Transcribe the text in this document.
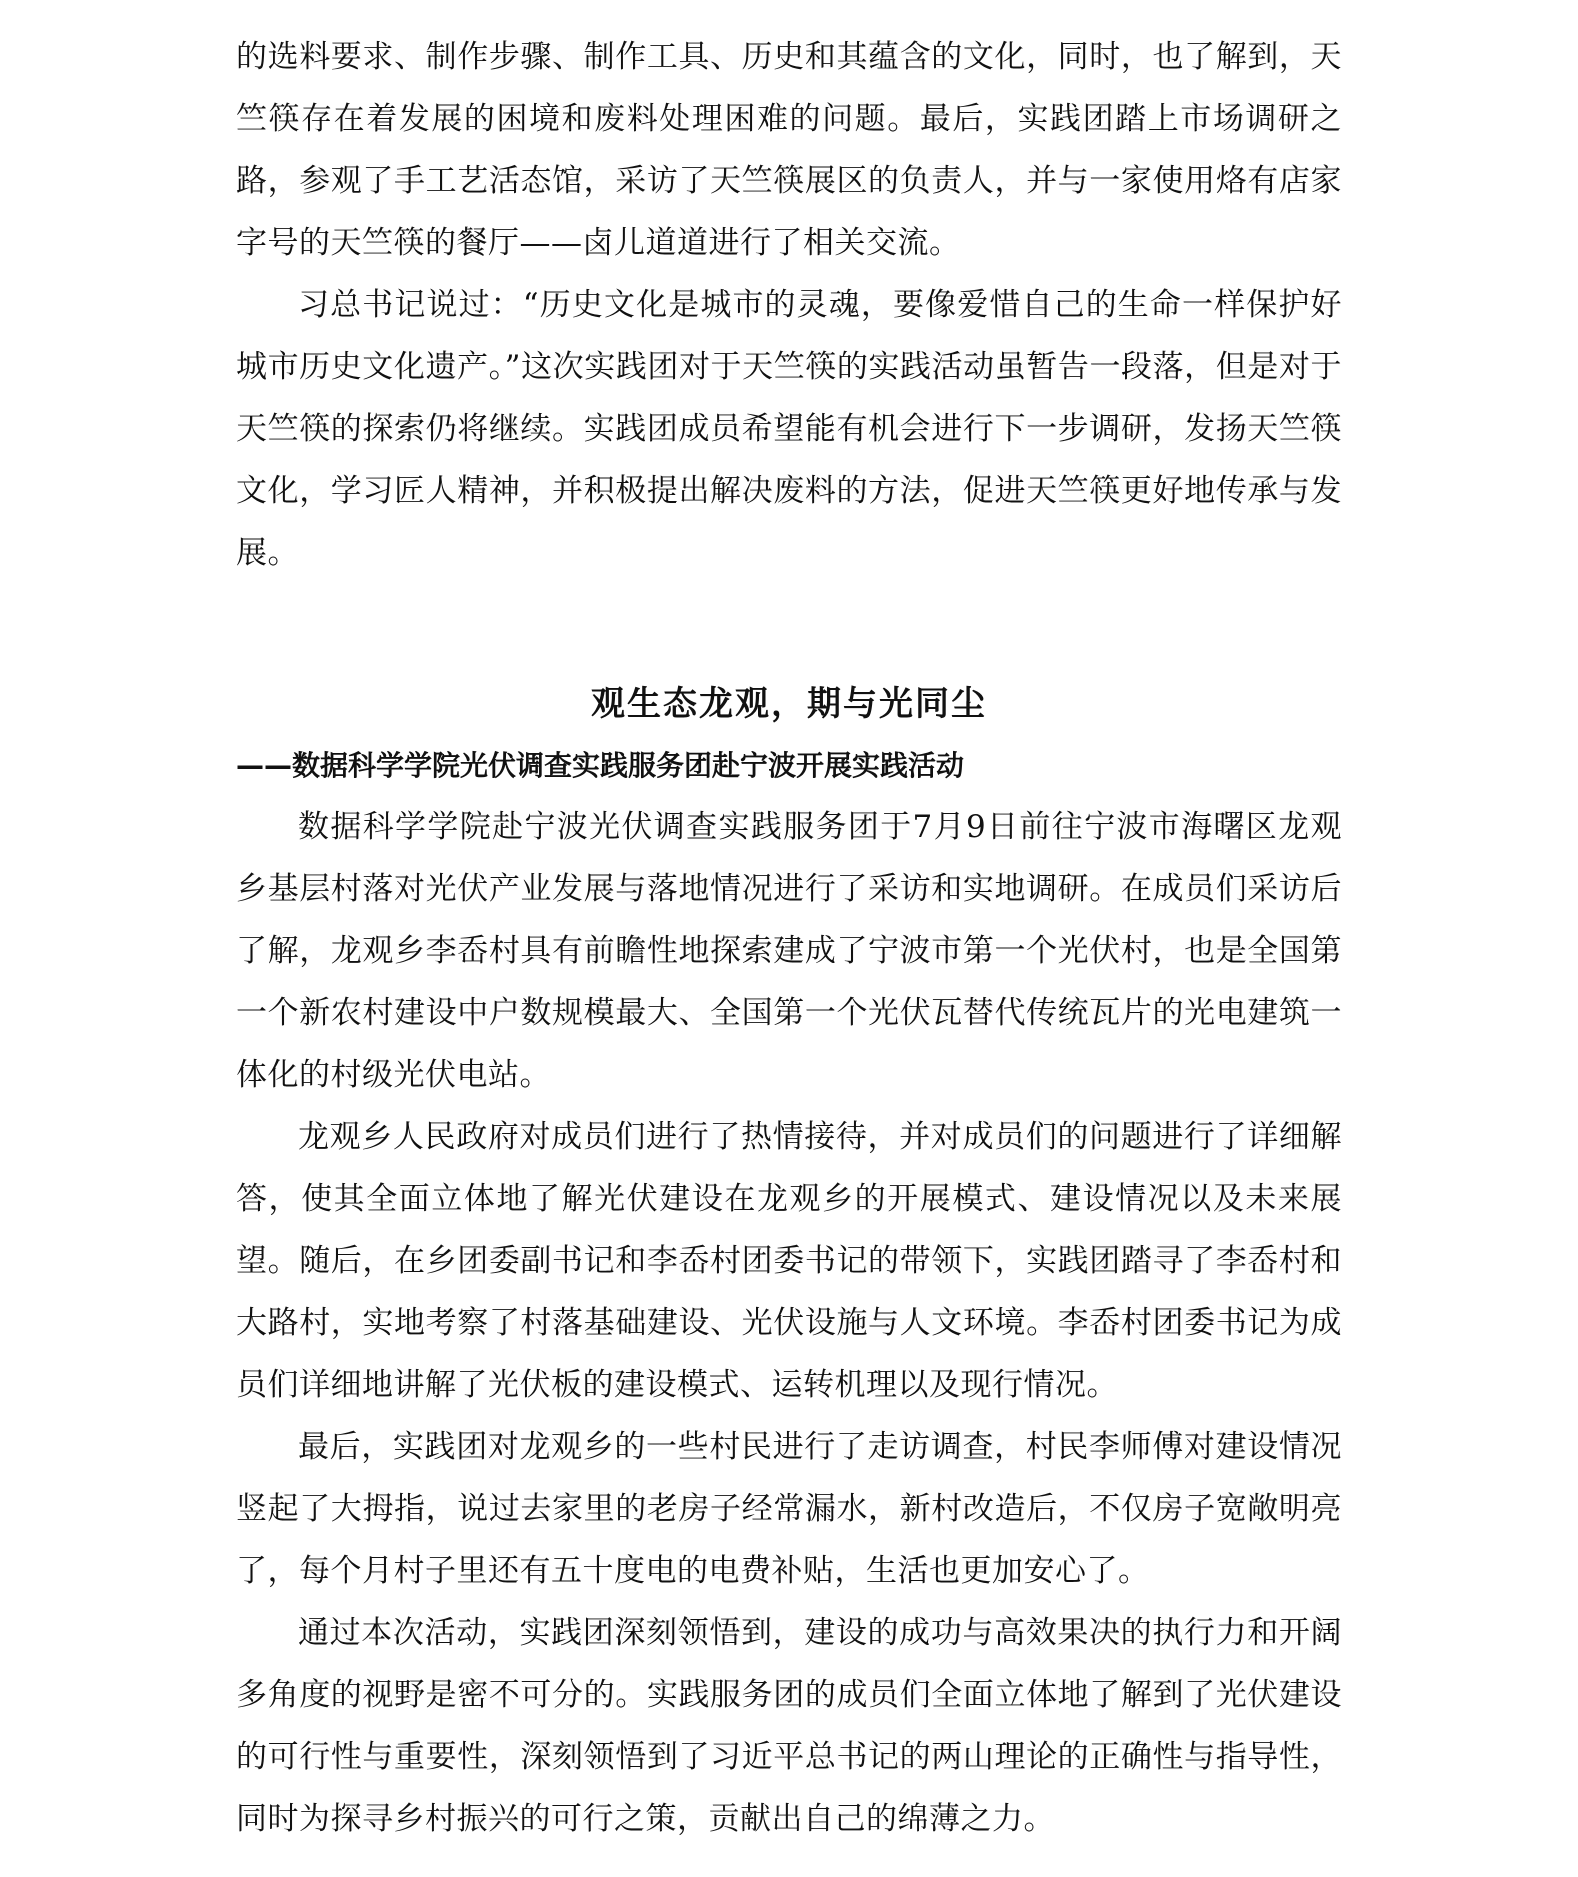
的选料要求、制作步骤、制作工具、历史和其蕴含的文化，同时，也了解到，天竺筷存在着发展的困境和废料处理困难的问题。最后，实践团踏上市场调研之路，参观了手工艺活态馆，采访了天竺筷展区的负责人，并与一家使用烙有店家字号的天竺筷的餐厅——卤儿道道进行了相关交流。

习总书记说过：“历史文化是城市的灵魂，要像爱惜自己的生命一样保护好城市历史文化遗产。”这次实践团对于天竺筷的实践活动虽暂告一段落，但是对于天竺筷的探索仍将继续。实践团成员希望能有机会进行下一步调研，发扬天竺筷文化，学习匠人精神，并积极提出解决废料的方法，促进天竺筷更好地传承与发展。

观生态龙观，期与光同尘
——数据科学学院光伏调查实践服务团赴宁波开展实践活动

数据科学学院赴宁波光伏调查实践服务团于7月9日前往宁波市海曙区龙观乡基层村落对光伏产业发展与落地情况进行了采访和实地调研。在成员们采访后了解，龙观乡李岙村具有前瞻性地探索建成了宁波市第一个光伏村，也是全国第一个新农村建设中户数规模最大、全国第一个光伏瓦替代传统瓦片的光电建筑一体化的村级光伏电站。

龙观乡人民政府对成员们进行了热情接待，并对成员们的问题进行了详细解答，使其全面立体地了解光伏建设在龙观乡的开展模式、建设情况以及未来展望。随后，在乡团委副书记和李岙村团委书记的带领下，实践团踏寻了李岙村和大路村，实地考察了村落基础建设、光伏设施与人文环境。李岙村团委书记为成员们详细地讲解了光伏板的建设模式、运转机理以及现行情况。

最后，实践团对龙观乡的一些村民进行了走访调查，村民李师傅对建设情况竖起了大拇指，说过去家里的老房子经常漏水，新村改造后，不仅房子宽敞明亮了，每个月村子里还有五十度电的电费补贴，生活也更加安心了。

通过本次活动，实践团深刻领悟到，建设的成功与高效果决的执行力和开阔多角度的视野是密不可分的。实践服务团的成员们全面立体地了解到了光伏建设的可行性与重要性，深刻领悟到了习近平总书记的两山理论的正确性与指导性，同时为探寻乡村振兴的可行之策，贡献出自己的绵薄之力。
